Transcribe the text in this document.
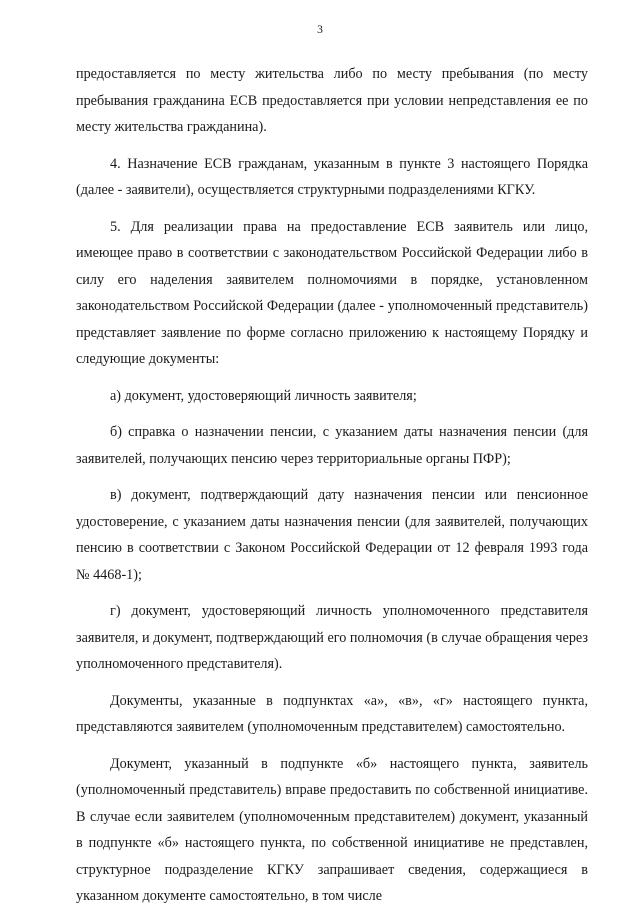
3

предоставляется по месту жительства либо по месту пребывания (по месту пребывания гражданина ЕСВ предоставляется при условии непредставления ее по месту жительства гражданина).

4. Назначение ЕСВ гражданам, указанным в пункте 3 настоящего Порядка (далее - заявители), осуществляется структурными подразделениями КГКУ.

5. Для реализации права на предоставление ЕСВ заявитель или лицо, имеющее право в соответствии с законодательством Российской Федерации либо в силу его наделения заявителем полномочиями в порядке, установленном законодательством Российской Федерации (далее - уполномоченный представитель) представляет заявление по форме согласно приложению к настоящему Порядку и следующие документы:

а) документ, удостоверяющий личность заявителя;

б) справка о назначении пенсии, с указанием даты назначения пенсии (для заявителей, получающих пенсию через территориальные органы ПФР);

в) документ, подтверждающий дату назначения пенсии или пенсионное удостоверение, с указанием даты назначения пенсии (для заявителей, получающих пенсию в соответствии с Законом Российской Федерации от 12 февраля 1993 года № 4468-1);

г) документ, удостоверяющий личность уполномоченного представителя заявителя, и документ, подтверждающий его полномочия (в случае обращения через уполномоченного представителя).

Документы, указанные в подпунктах «а», «в», «г» настоящего пункта, представляются заявителем (уполномоченным представителем) самостоятельно.

Документ, указанный в подпункте «б» настоящего пункта, заявитель (уполномоченный представитель) вправе предоставить по собственной инициативе. В случае если заявителем (уполномоченным представителем) документ, указанный в подпункте «б» настоящего пункта, по собственной инициативе не представлен, структурное подразделение КГКУ запрашивает сведения, содержащиеся в указанном документе самостоятельно, в том числе
